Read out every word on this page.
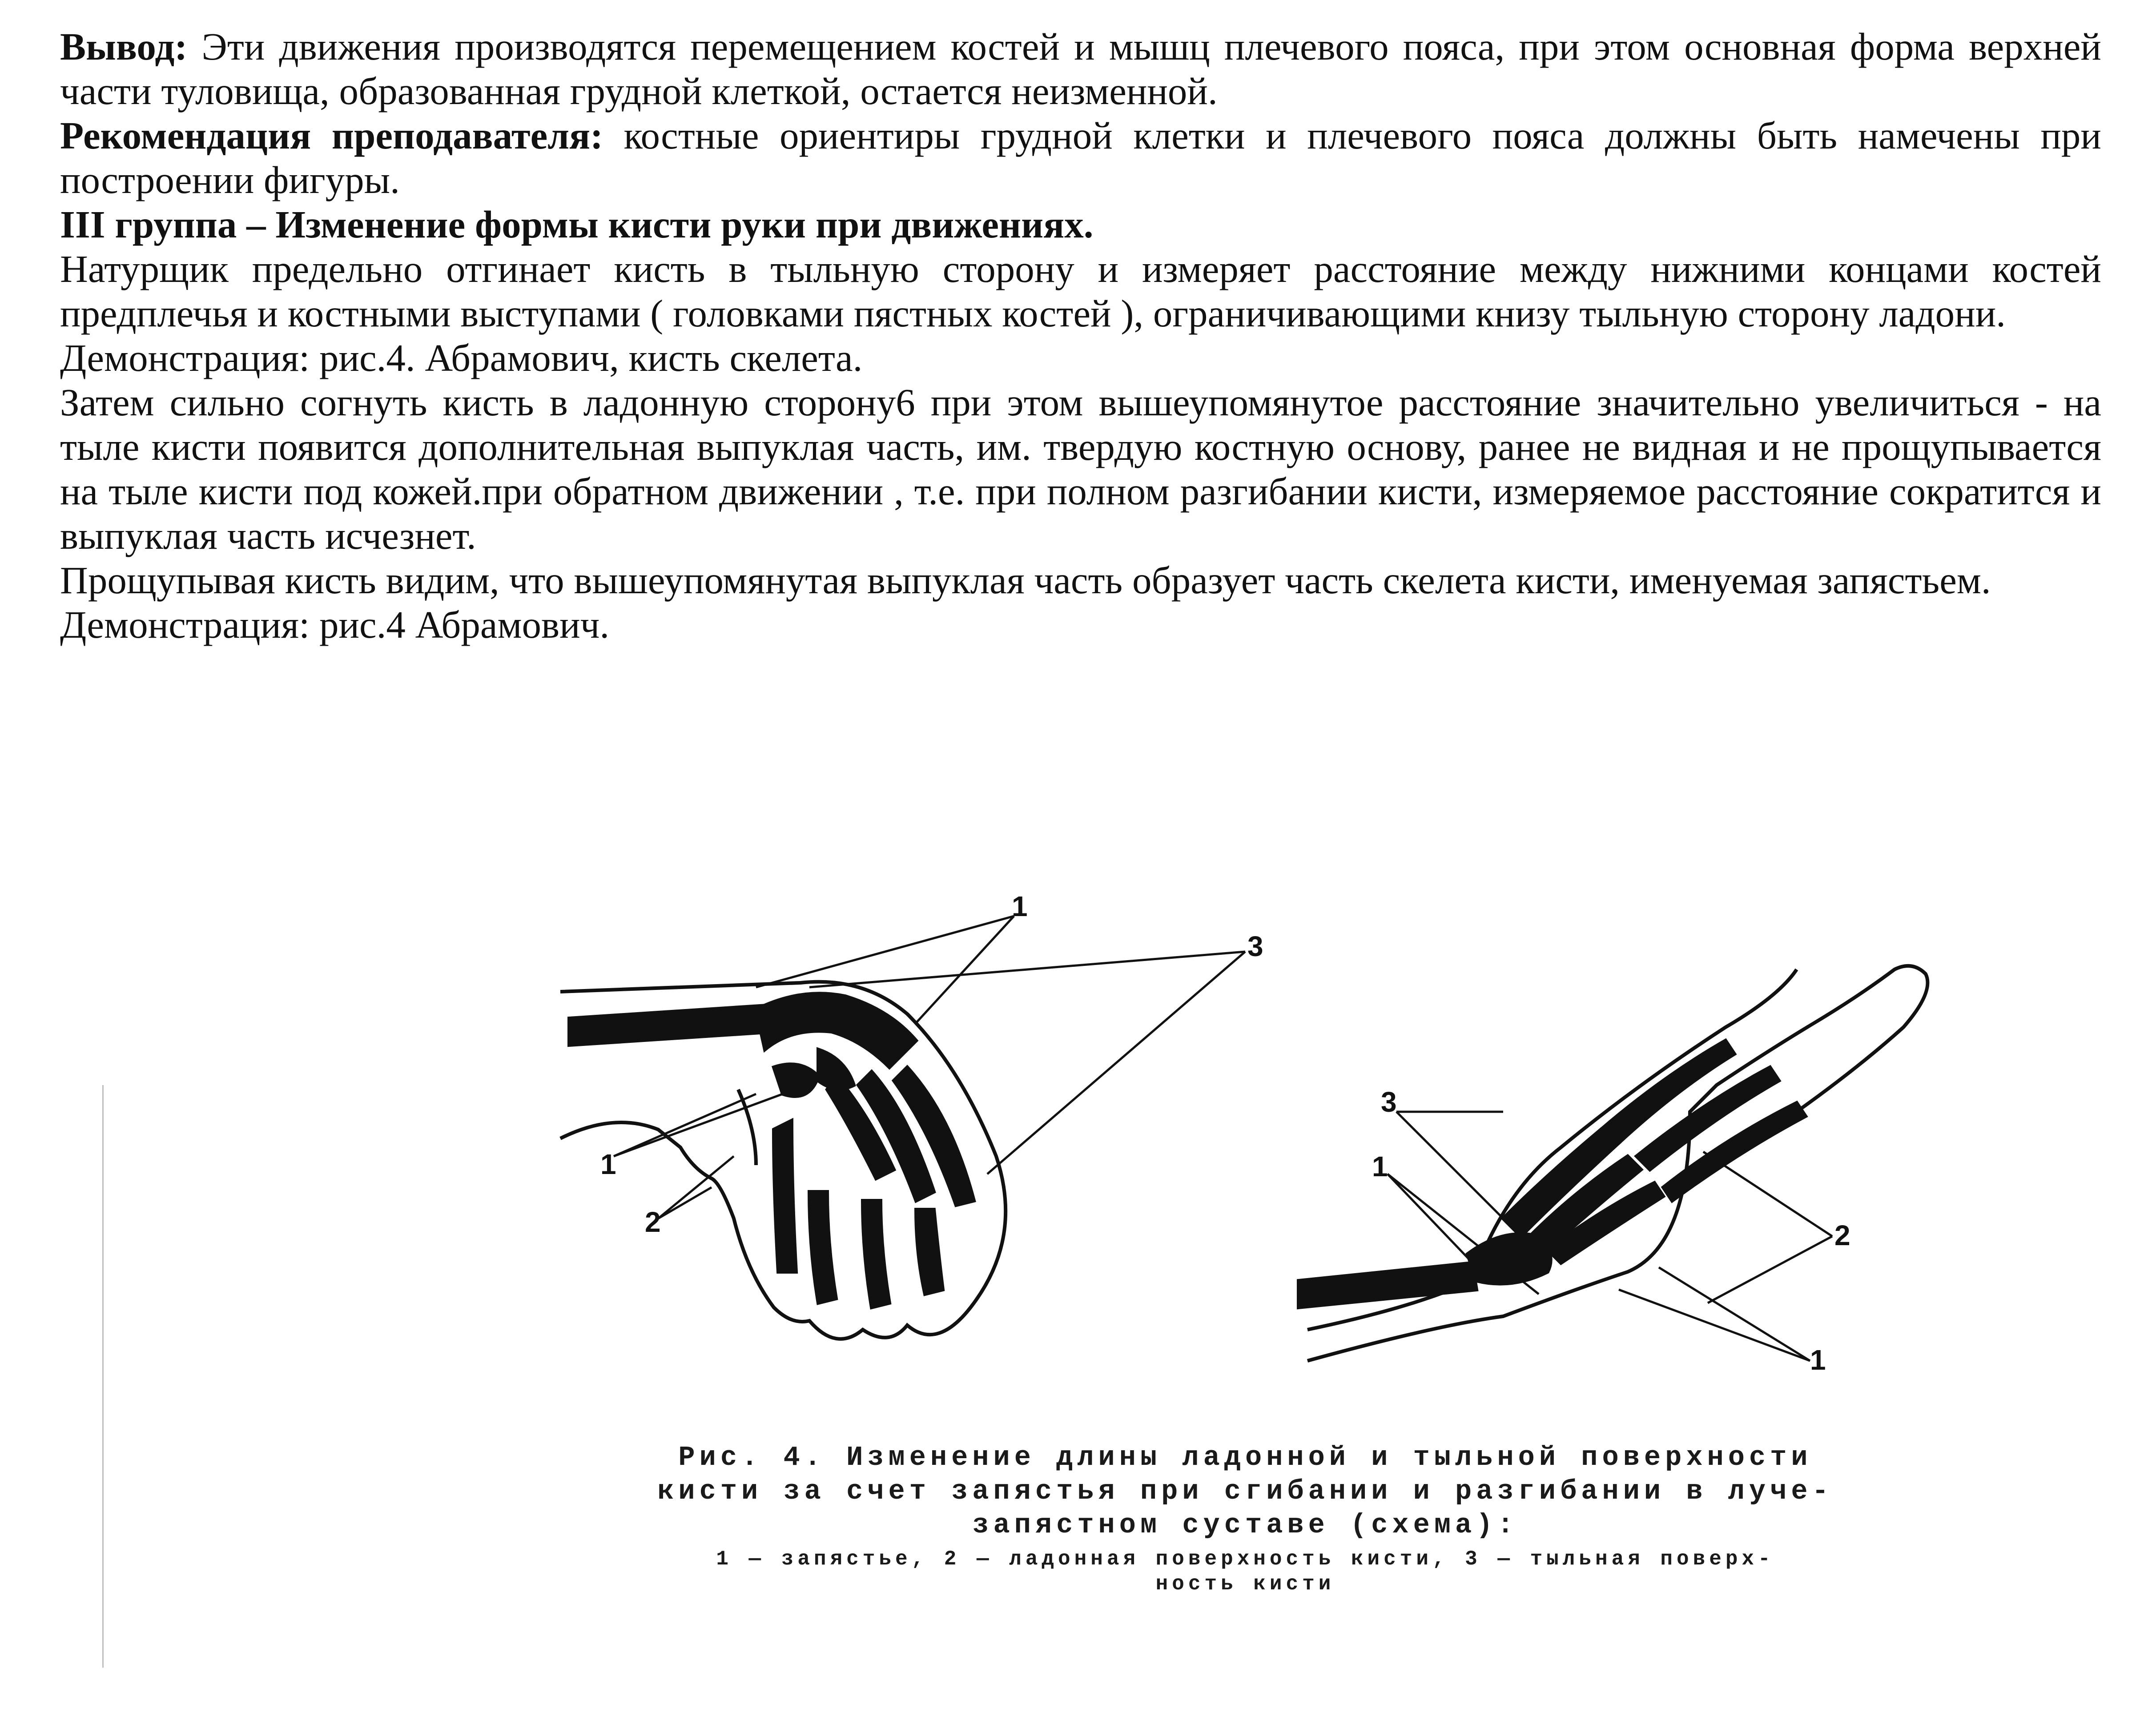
Вывод: Эти движения производятся перемещением костей и мышц плечевого пояса, при этом основная форма верхней части туловища, образованная грудной клеткой, остается неизменной.

Рекомендация преподавателя: костные ориентиры грудной клетки и плечевого пояса должны быть намечены при построении фигуры.

III группа – Изменение формы кисти руки при движениях.

Натурщик предельно отгинает кисть в тыльную сторону и измеряет расстояние между нижними концами костей предплечья и костными выступами ( головками пястных костей ), ограничивающими книзу тыльную сторону ладони.

Демонстрация: рис.4. Абрамович, кисть скелета.

Затем сильно согнуть кисть в ладонную сторону6 при этом вышеупомянутое расстояние значительно увеличиться - на тыле кисти появится дополнительная выпуклая часть, им. твердую костную основу, ранее не видная и не прощупывается на тыле кисти под кожей.при обратном движении , т.е. при полном разгибании кисти, измеряемое расстояние сократится и выпуклая часть исчезнет.

Прощупывая кисть видим, что вышеупомянутая выпуклая часть образует часть скелета кисти, именуемая запястьем.

Демонстрация: рис.4 Абрамович.

1
3
1
2
3
1
2
1

Рис. 4. Изменение длины ладонной и тыльной поверхности

кисти за счет запястья при сгибании и разгибании в луче-

запястном суставе (схема):

1 — запястье, 2 — ладонная поверхность кисти, 3 — тыльная поверх-

ность кисти
